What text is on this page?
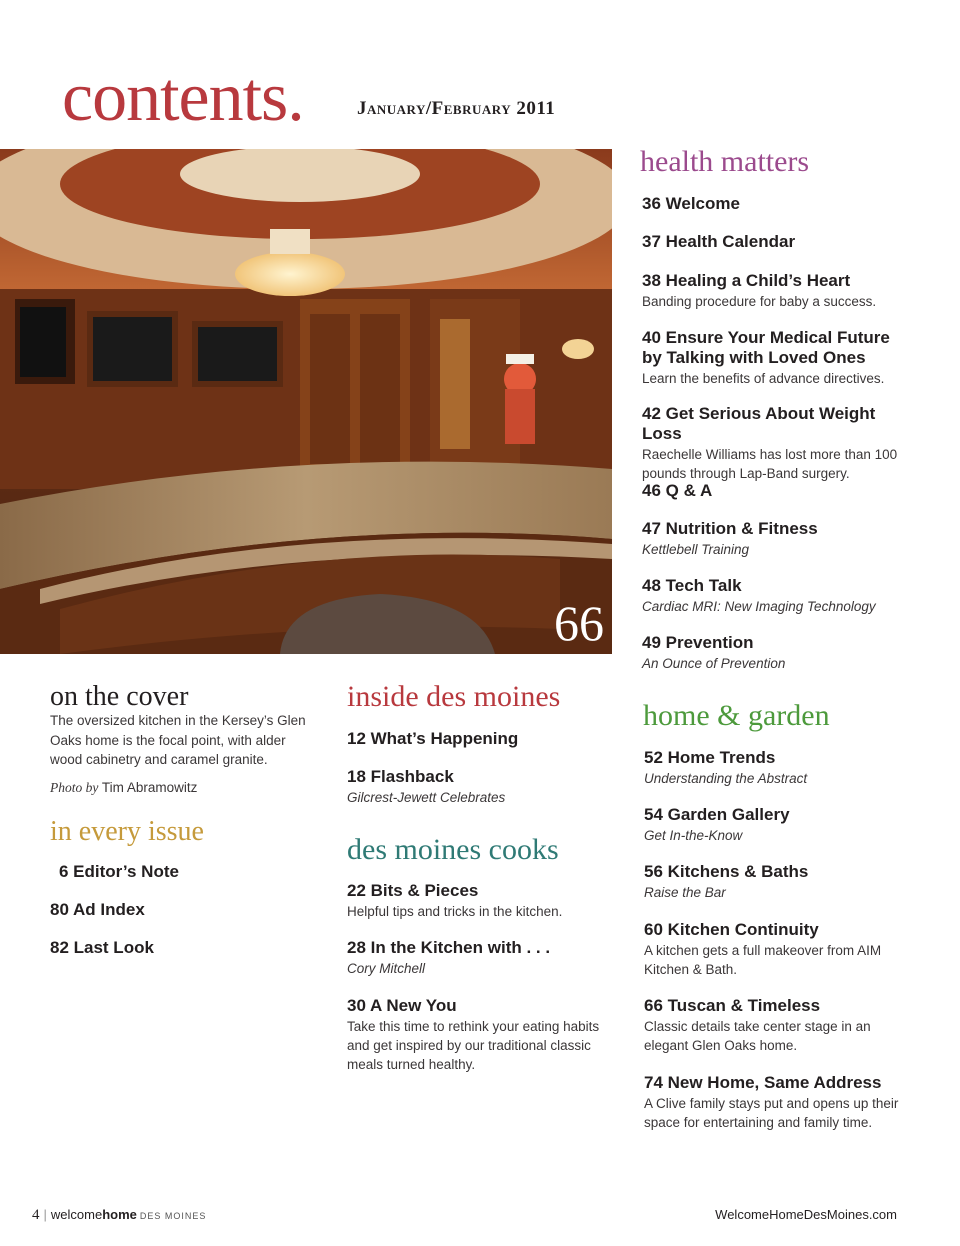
contents.	January/February 2011
66
health matters
36 Welcome
37 Health Calendar
38 Healing a Child’s Heart
Banding procedure for baby a success.
40 Ensure Your Medical Future by Talking with Loved Ones
Learn the benefits of advance directives.
42 Get Serious About Weight Loss
Raechelle Williams has lost more than 100 pounds through Lap-Band surgery.
46 Q & A
47 Nutrition & Fitness
Kettlebell Training
48 Tech Talk
Cardiac MRI: New Imaging Technology
49 Prevention
An Ounce of Prevention
home & garden
52 Home Trends
Understanding the Abstract
54 Garden Gallery
Get In-the-Know
56 Kitchens & Baths
Raise the Bar
60 Kitchen Continuity
A kitchen gets a full makeover from AIM Kitchen & Bath.
66 Tuscan & Timeless
Classic details take center stage in an elegant Glen Oaks home.
74 New Home, Same Address
A Clive family stays put and opens up their space for entertaining and family time.
on the cover
The oversized kitchen in the Kersey’s Glen Oaks home is the focal point, with alder wood cabinetry and caramel granite.
Photo by Tim Abramowitz
in every issue
6 Editor’s Note
80 Ad Index
82 Last Look
inside des moines
12 What’s Happening
18 Flashback
Gilcrest-Jewett Celebrates
des moines cooks
22 Bits & Pieces
Helpful tips and tricks in the kitchen.
28 In the Kitchen with . . .
Cory Mitchell
30 A New You
Take this time to rethink your eating habits and get inspired by our traditional classic meals turned healthy.
4 | welcomehome DES MOINES	WelcomeHomeDesMoines.com
